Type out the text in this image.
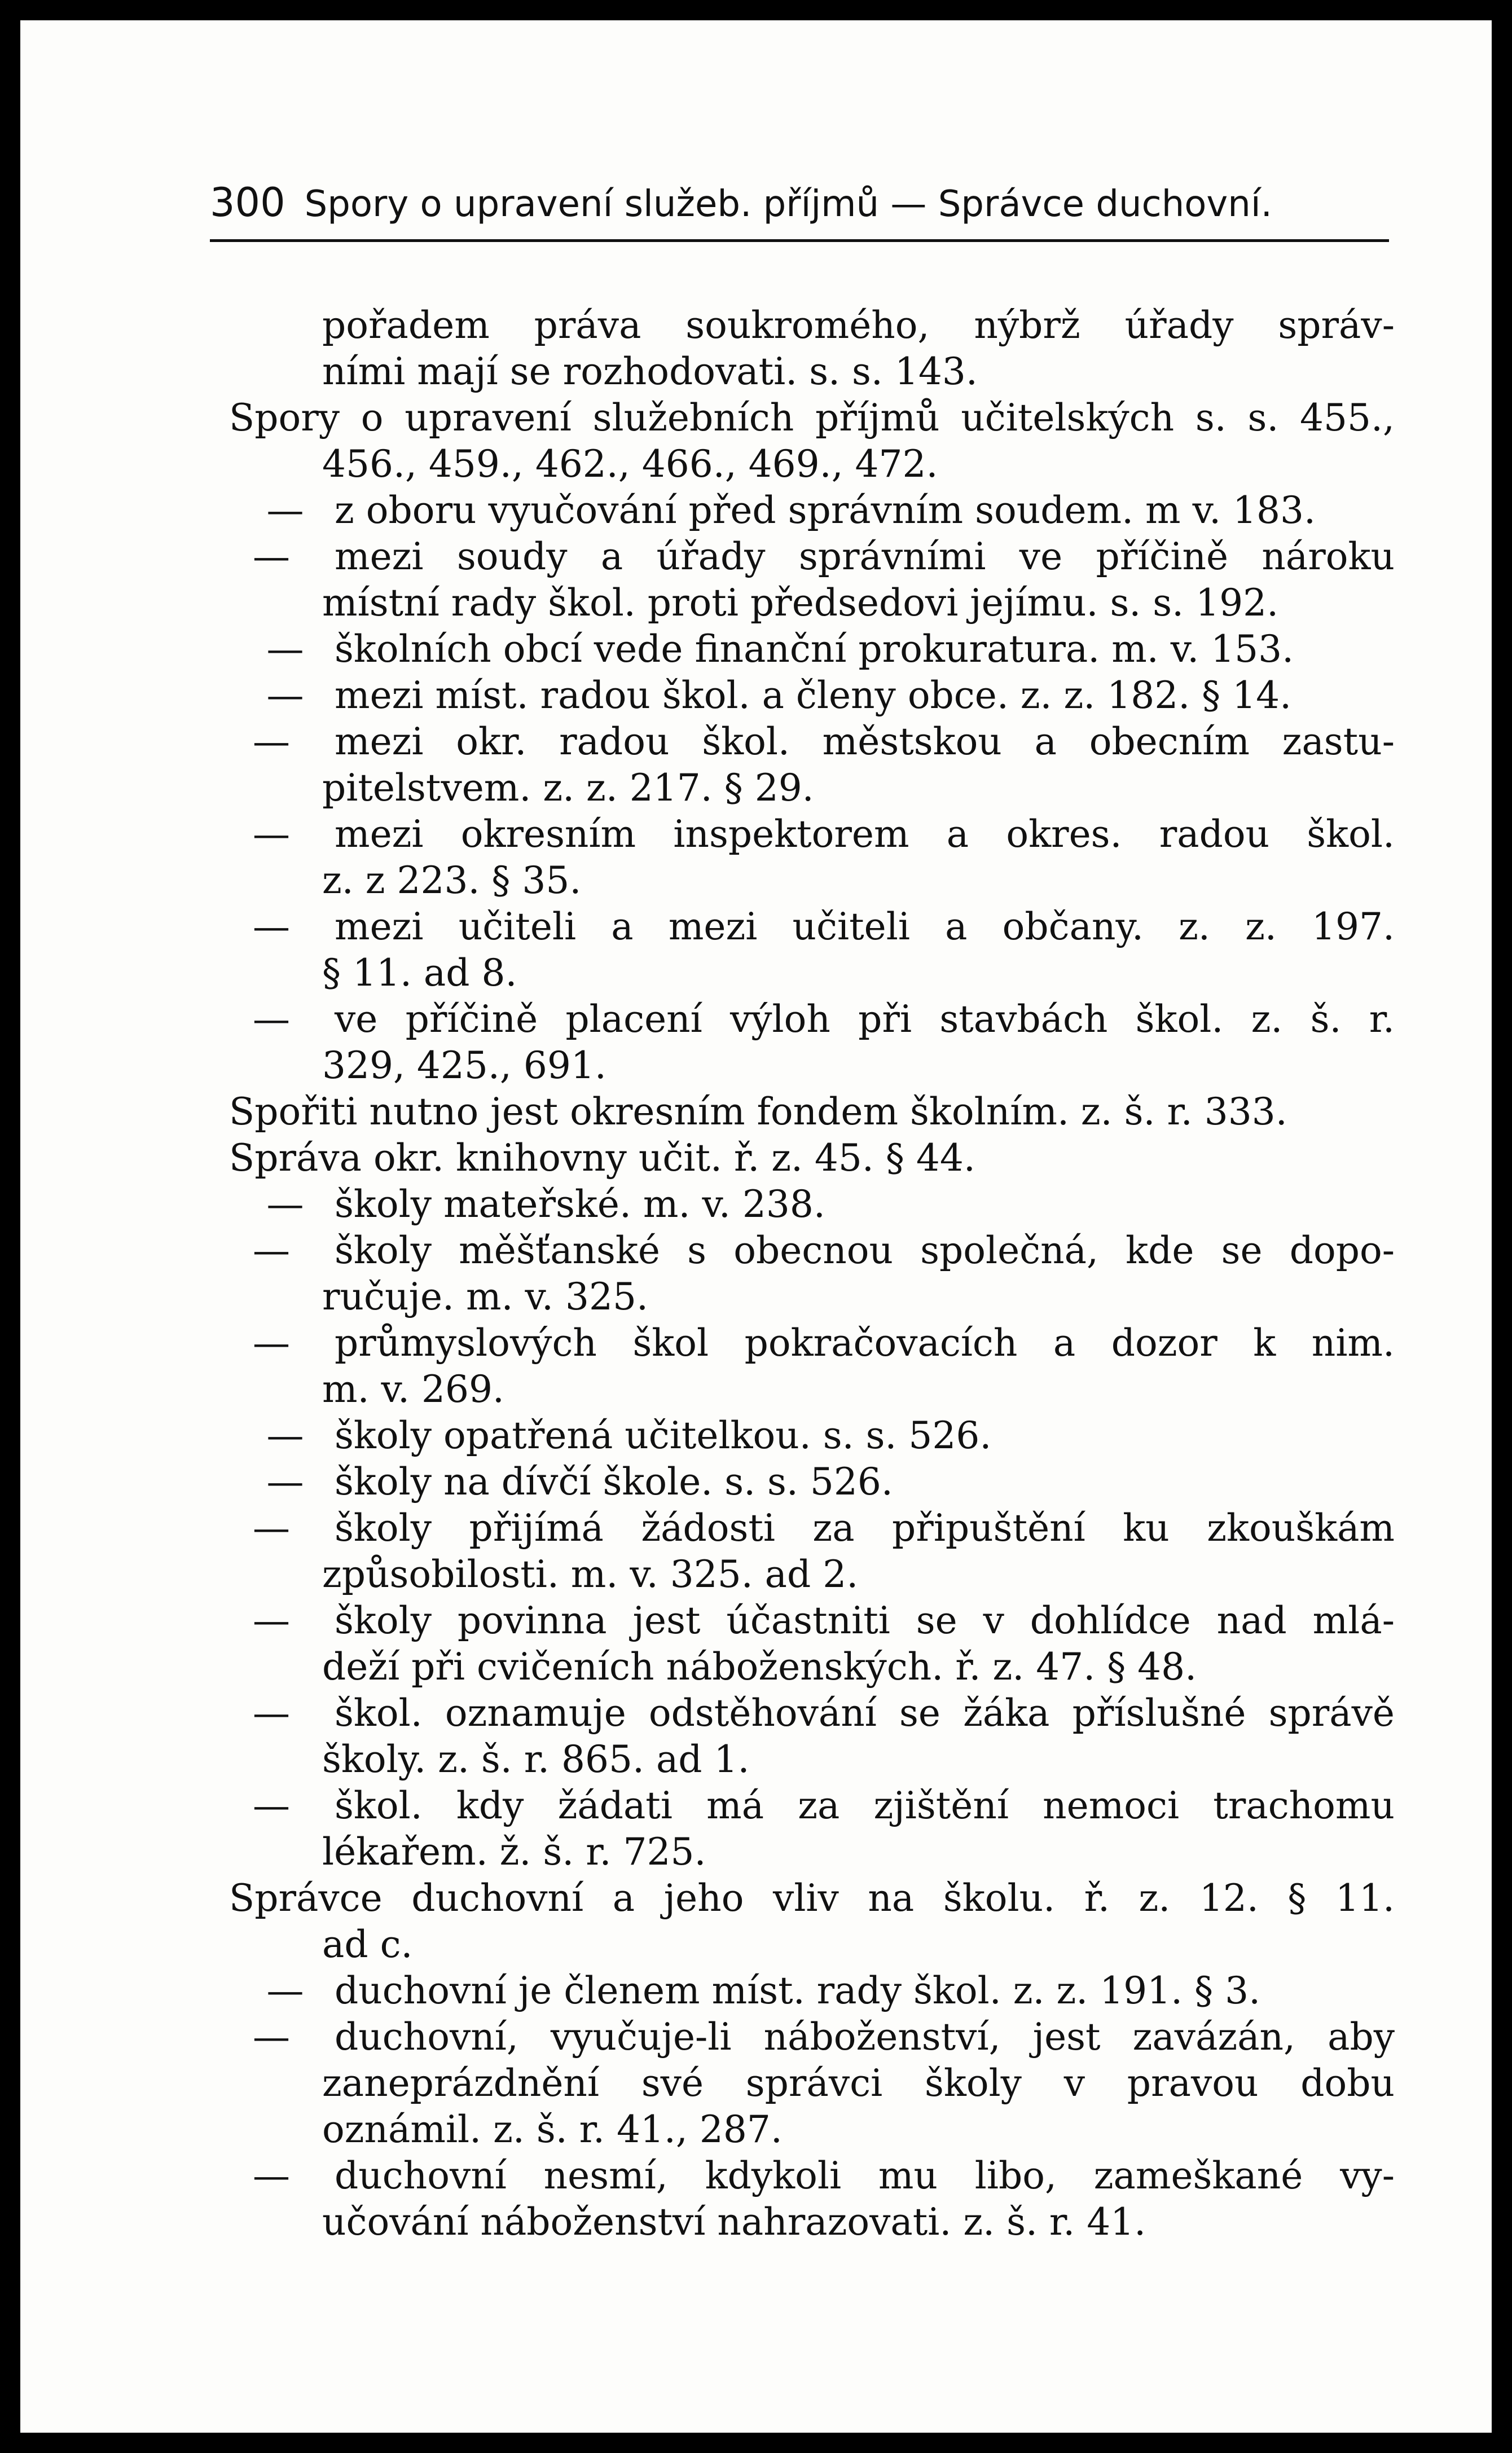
300 Spory o upravení služeb. příjmů — Správce duchovní.
pořadem práva soukromého, nýbrž úřady správ-
ními mají se rozhodovati. s. s. 143.
Spory o upravení služebních příjmů učitelských s. s. 455.,
456., 459., 462., 466., 469., 472.
— z oboru vyučování před správním soudem. m v. 183.
— mezi soudy a úřady správními ve příčině nároku
místní rady škol. proti předsedovi jejímu. s. s. 192.
— školních obcí vede finanční prokuratura. m. v. 153.
— mezi míst. radou škol. a členy obce. z. z. 182. § 14.
— mezi okr. radou škol. městskou a obecním zastu-
pitelstvem. z. z. 217. § 29.
— mezi okresním inspektorem a okres. radou škol.
z. z 223. § 35.
— mezi učiteli a mezi učiteli a občany. z. z. 197.
§ 11. ad 8.
— ve příčině placení výloh při stavbách škol. z. š. r.
329, 425., 691.
Spořiti nutno jest okresním fondem školním. z. š. r. 333.
Správa okr. knihovny učit. ř. z. 45. § 44.
— školy mateřské. m. v. 238.
— školy měšťanské s obecnou společná, kde se dopo-
ručuje. m. v. 325.
— průmyslových škol pokračovacích a dozor k nim.
m. v. 269.
— školy opatřená učitelkou. s. s. 526.
— školy na dívčí škole. s. s. 526.
— školy přijímá žádosti za připuštění ku zkouškám
způsobilosti. m. v. 325. ad 2.
— školy povinna jest účastniti se v dohlídce nad mlá-
deží při cvičeních náboženských. ř. z. 47. § 48.
— škol. oznamuje odstěhování se žáka příslušné správě
školy. z. š. r. 865. ad 1.
— škol. kdy žádati má za zjištění nemoci trachomu
lékařem. ž. š. r. 725.
Správce duchovní a jeho vliv na školu. ř. z. 12. § 11.
ad c.
— duchovní je členem míst. rady škol. z. z. 191. § 3.
— duchovní, vyučuje-li náboženství, jest zavázán, aby
zaneprázdnění své správci školy v pravou dobu
oznámil. z. š. r. 41., 287.
— duchovní nesmí, kdykoli mu libo, zameškané vy-
učování náboženství nahrazovati. z. š. r. 41.
